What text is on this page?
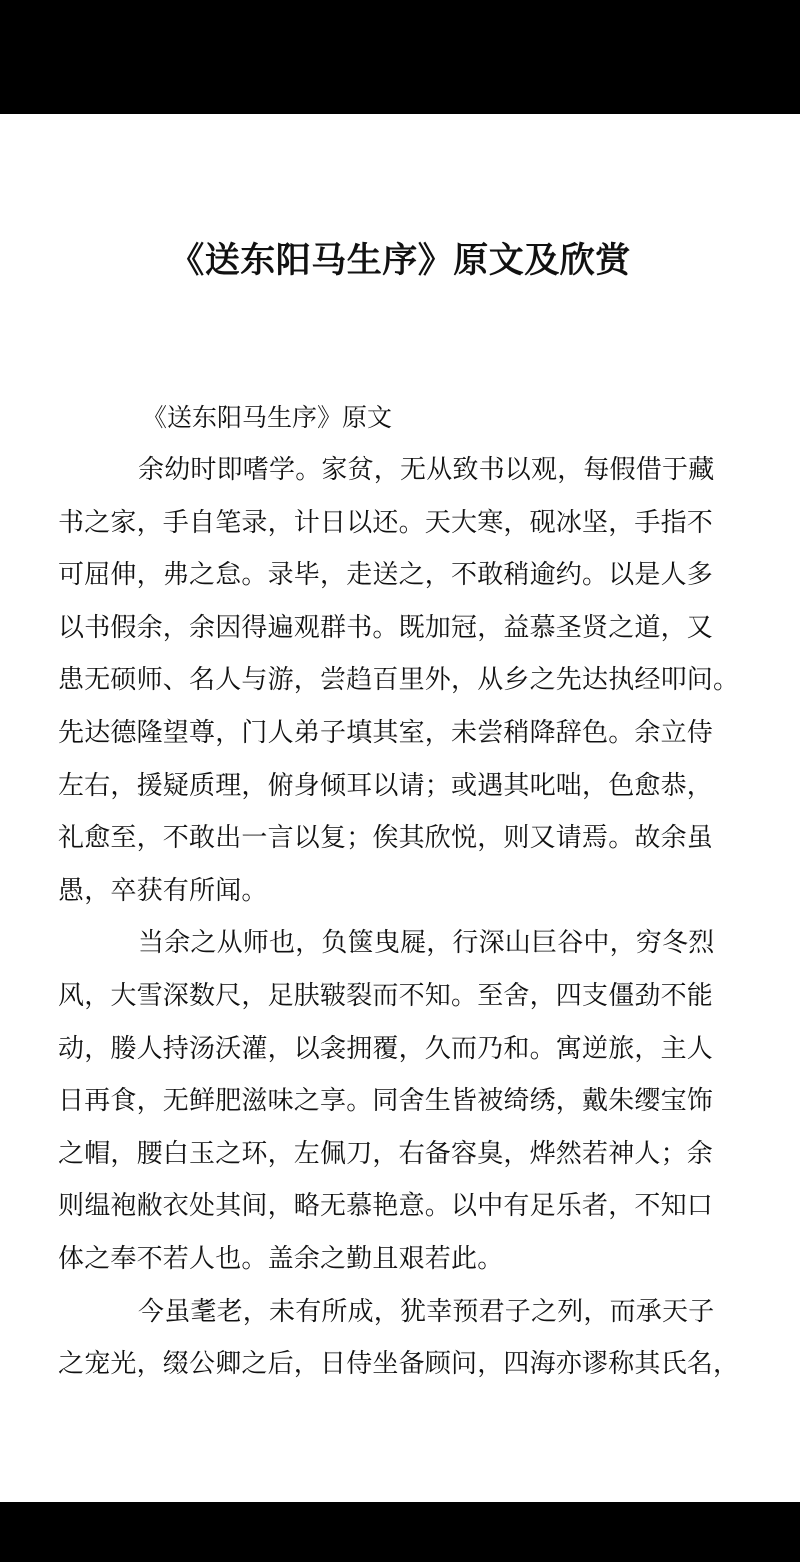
《送东阳马生序》原文及欣赏
《送东阳马生序》原文

余幼时即嗜学。家贫，无从致书以观，每假借于藏
书之家，手自笔录，计日以还。天大寒，砚冰坚，手指不
可屈伸，弗之怠。录毕，走送之，不敢稍逾约。以是人多
以书假余，余因得遍观群书。既加冠，益慕圣贤之道，又
患无硕师、名人与游，尝趋百里外，从乡之先达执经叩问。
先达德隆望尊，门人弟子填其室，未尝稍降辞色。余立侍
左右，援疑质理，俯身倾耳以请；或遇其叱咄，色愈恭，
礼愈至，不敢出一言以复；俟其欣悦，则又请焉。故余虽
愚，卒获有所闻。

当余之从师也，负箧曳屣，行深山巨谷中，穷冬烈
风，大雪深数尺，足肤皲裂而不知。至舍，四支僵劲不能
动，媵人持汤沃灌，以衾拥覆，久而乃和。寓逆旅，主人
日再食，无鲜肥滋味之享。同舍生皆被绮绣，戴朱缨宝饰
之帽，腰白玉之环，左佩刀，右备容臭，烨然若神人；余
则缊袍敝衣处其间，略无慕艳意。以中有足乐者，不知口
体之奉不若人也。盖余之勤且艰若此。

今虽耄老，未有所成，犹幸预君子之列，而承天子
之宠光，缀公卿之后，日侍坐备顾问，四海亦谬称其氏名，
